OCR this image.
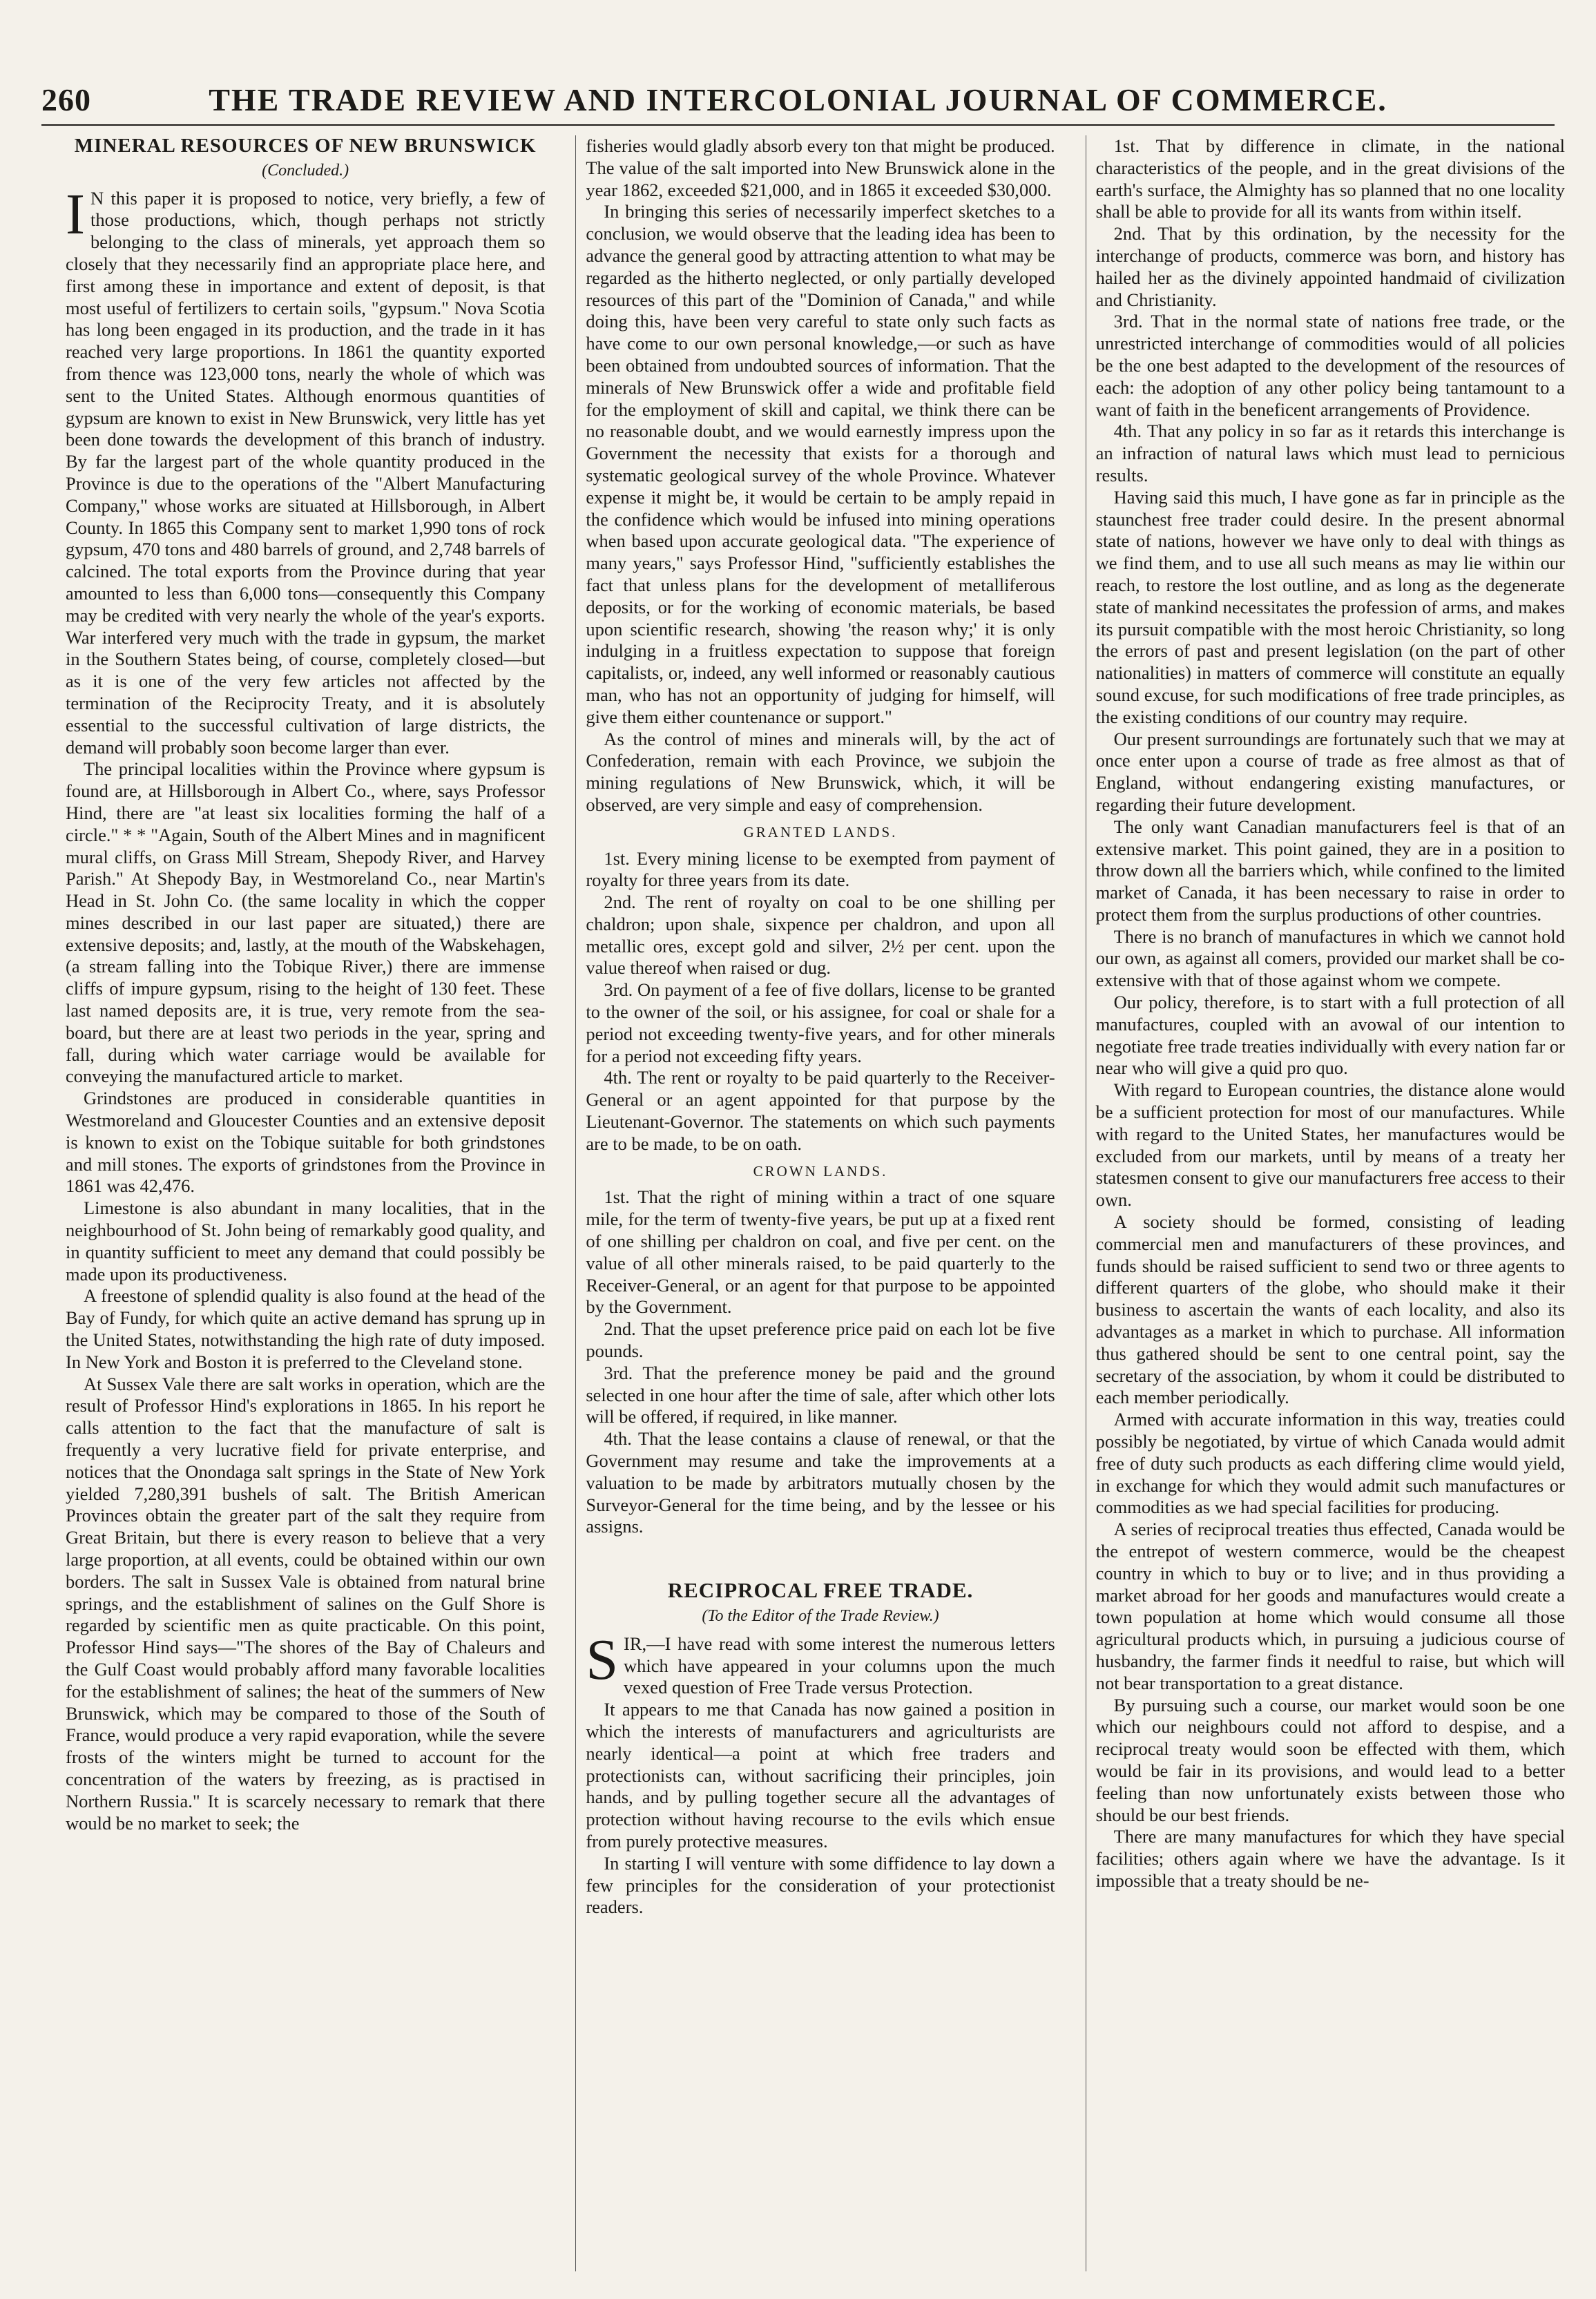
260	THE TRADE REVIEW AND INTERCOLONIAL JOURNAL OF COMMERCE.
MINERAL RESOURCES OF NEW BRUNSWICK
(Concluded.)

I N this paper it is proposed to notice, very briefly, a few of those productions, which, though perhaps not strictly belonging to the class of minerals, yet approach them so closely that they necessarily find an appropriate place here, and first among these in importance and extent of deposit, is that most useful of fertilizers to certain soils, "gypsum." Nova Scotia has long been engaged in its production, and the trade in it has reached very large proportions. In 1861 the quantity exported from thence was 123,000 tons, nearly the whole of which was sent to the United States. Although enormous quantities of gypsum are known to exist in New Brunswick, very little has yet been done towards the development of this branch of industry. By far the largest part of the whole quantity produced in the Province is due to the operations of the "Albert Manufacturing Company," whose works are situated at Hillsborough, in Albert County. In 1865 this Company sent to market 1,990 tons of rock gypsum, 470 tons and 480 barrels of ground, and 2,748 barrels of calcined. The total exports from the Province during that year amounted to less than 6,000 tons—consequently this Company may be credited with very nearly the whole of the year's exports. War interfered very much with the trade in gypsum, the market in the Southern States being, of course, completely closed—but as it is one of the very few articles not affected by the termination of the Reciprocity Treaty, and it is absolutely essential to the successful cultivation of large districts, the demand will probably soon become larger than ever.

The principal localities within the Province where gypsum is found are, at Hillsborough in Albert Co., where, says Professor Hind, there are "at least six localities forming the half of a circle." * * "Again, South of the Albert Mines and in magnificent mural cliffs, on Grass Mill Stream, Shepody River, and Harvey Parish." At Shepody Bay, in Westmoreland Co., near Martin's Head in St. John Co. (the same locality in which the copper mines described in our last paper are situated,) there are extensive deposits; and, lastly, at the mouth of the Wabskehagen, (a stream falling into the Tobique River,) there are immense cliffs of impure gypsum, rising to the height of 130 feet. These last named deposits are, it is true, very remote from the sea-board, but there are at least two periods in the year, spring and fall, during which water carriage would be available for conveying the manufactured article to market.

Grindstones are produced in considerable quantities in Westmoreland and Gloucester Counties and an extensive deposit is known to exist on the Tobique suitable for both grindstones and mill stones. The exports of grindstones from the Province in 1861 was 42,476.

Limestone is also abundant in many localities, that in the neighbourhood of St. John being of remarkably good quality, and in quantity sufficient to meet any demand that could possibly be made upon its productiveness.

A freestone of splendid quality is also found at the head of the Bay of Fundy, for which quite an active demand has sprung up in the United States, notwithstanding the high rate of duty imposed. In New York and Boston it is preferred to the Cleveland stone.

At Sussex Vale there are salt works in operation, which are the result of Professor Hind's explorations in 1865. In his report he calls attention to the fact that the manufacture of salt is frequently a very lucrative field for private enterprise, and notices that the Onondaga salt springs in the State of New York yielded 7,280,391 bushels of salt. The British American Provinces obtain the greater part of the salt they require from Great Britain, but there is every reason to believe that a very large proportion, at all events, could be obtained within our own borders. The salt in Sussex Vale is obtained from natural brine springs, and the establishment of salines on the Gulf Shore is regarded by scientific men as quite practicable. On this point, Professor Hind says—"The shores of the Bay of Chaleurs and the Gulf Coast would probably afford many favorable localities for the establishment of salines; the heat of the summers of New Brunswick, which may be compared to those of the South of France, would produce a very rapid evaporation, while the severe frosts of the winters might be turned to account for the concentration of the waters by freezing, as is practised in Northern Russia." It is scarcely necessary to remark that there would be no market to seek; the

fisheries would gladly absorb every ton that might be produced. The value of the salt imported into New Brunswick alone in the year 1862, exceeded $21,000, and in 1865 it exceeded $30,000.

In bringing this series of necessarily imperfect sketches to a conclusion, we would observe that the leading idea has been to advance the general good by attracting attention to what may be regarded as the hitherto neglected, or only partially developed resources of this part of the "Dominion of Canada," and while doing this, have been very careful to state only such facts as have come to our own personal knowledge,—or such as have been obtained from undoubted sources of information. That the minerals of New Brunswick offer a wide and profitable field for the employment of skill and capital, we think there can be no reasonable doubt, and we would earnestly impress upon the Government the necessity that exists for a thorough and systematic geological survey of the whole Province. Whatever expense it might be, it would be certain to be amply repaid in the confidence which would be infused into mining operations when based upon accurate geological data. "The experience of many years," says Professor Hind, "sufficiently establishes the fact that unless plans for the development of metalliferous deposits, or for the working of economic materials, be based upon scientific research, showing 'the reason why;' it is only indulging in a fruitless expectation to suppose that foreign capitalists, or, indeed, any well informed or reasonably cautious man, who has not an opportunity of judging for himself, will give them either countenance or support."

As the control of mines and minerals will, by the act of Confederation, remain with each Province, we subjoin the mining regulations of New Brunswick, which, it will be observed, are very simple and easy of comprehension.

GRANTED LANDS.

1st. Every mining license to be exempted from payment of royalty for three years from its date.

2nd. The rent of royalty on coal to be one shilling per chaldron; upon shale, sixpence per chaldron, and upon all metallic ores, except gold and silver, 2½ per cent. upon the value thereof when raised or dug.

3rd. On payment of a fee of five dollars, license to be granted to the owner of the soil, or his assignee, for coal or shale for a period not exceeding twenty-five years, and for other minerals for a period not exceeding fifty years.

4th. The rent or royalty to be paid quarterly to the Receiver-General or an agent appointed for that purpose by the Lieutenant-Governor. The statements on which such payments are to be made, to be on oath.

CROWN LANDS.

1st. That the right of mining within a tract of one square mile, for the term of twenty-five years, be put up at a fixed rent of one shilling per chaldron on coal, and five per cent. on the value of all other minerals raised, to be paid quarterly to the Receiver-General, or an agent for that purpose to be appointed by the Government.

2nd. That the upset preference price paid on each lot be five pounds.

3rd. That the preference money be paid and the ground selected in one hour after the time of sale, after which other lots will be offered, if required, in like manner.

4th. That the lease contains a clause of renewal, or that the Government may resume and take the improvements at a valuation to be made by arbitrators mutually chosen by the Surveyor-General for the time being, and by the lessee or his assigns.

RECIPROCAL FREE TRADE.
(To the Editor of the Trade Review.)

SIR,—I have read with some interest the numerous letters which have appeared in your columns upon the much vexed question of Free Trade versus Protection.

It appears to me that Canada has now gained a position in which the interests of manufacturers and agriculturists are nearly identical—a point at which free traders and protectionists can, without sacrificing their principles, join hands, and by pulling together secure all the advantages of protection without having recourse to the evils which ensue from purely protective measures.

In starting I will venture with some diffidence to lay down a few principles for the consideration of your protectionist readers.

1st. That by difference in climate, in the national characteristics of the people, and in the great divisions of the earth's surface, the Almighty has so planned that no one locality shall be able to provide for all its wants from within itself.

2nd. That by this ordination, by the necessity for the interchange of products, commerce was born, and history has hailed her as the divinely appointed handmaid of civilization and Christianity.

3rd. That in the normal state of nations free trade, or the unrestricted interchange of commodities would of all policies be the one best adapted to the development of the resources of each: the adoption of any other policy being tantamount to a want of faith in the beneficent arrangements of Providence.

4th. That any policy in so far as it retards this interchange is an infraction of natural laws which must lead to pernicious results.

Having said this much, I have gone as far in principle as the staunchest free trader could desire. In the present abnormal state of nations, however we have only to deal with things as we find them, and to use all such means as may lie within our reach, to restore the lost outline, and as long as the degenerate state of mankind necessitates the profession of arms, and makes its pursuit compatible with the most heroic Christianity, so long the errors of past and present legislation (on the part of other nationalities) in matters of commerce will constitute an equally sound excuse, for such modifications of free trade principles, as the existing conditions of our country may require.

Our present surroundings are fortunately such that we may at once enter upon a course of trade as free almost as that of England, without endangering existing manufactures, or regarding their future development.

The only want Canadian manufacturers feel is that of an extensive market. This point gained, they are in a position to throw down all the barriers which, while confined to the limited market of Canada, it has been necessary to raise in order to protect them from the surplus productions of other countries.

There is no branch of manufactures in which we cannot hold our own, as against all comers, provided our market shall be co-extensive with that of those against whom we compete.

Our policy, therefore, is to start with a full protection of all manufactures, coupled with an avowal of our intention to negotiate free trade treaties individually with every nation far or near who will give a quid pro quo.

With regard to European countries, the distance alone would be a sufficient protection for most of our manufactures. While with regard to the United States, her manufactures would be excluded from our markets, until by means of a treaty her statesmen consent to give our manufacturers free access to their own.

A society should be formed, consisting of leading commercial men and manufacturers of these provinces, and funds should be raised sufficient to send two or three agents to different quarters of the globe, who should make it their business to ascertain the wants of each locality, and also its advantages as a market in which to purchase. All information thus gathered should be sent to one central point, say the secretary of the association, by whom it could be distributed to each member periodically.

Armed with accurate information in this way, treaties could possibly be negotiated, by virtue of which Canada would admit free of duty such products as each differing clime would yield, in exchange for which they would admit such manufactures or commodities as we had special facilities for producing.

A series of reciprocal treaties thus effected, Canada would be the entrepot of western commerce, would be the cheapest country in which to buy or to live; and in thus providing a market abroad for her goods and manufactures would create a town population at home which would consume all those agricultural products which, in pursuing a judicious course of husbandry, the farmer finds it needful to raise, but which will not bear transportation to a great distance.

By pursuing such a course, our market would soon be one which our neighbours could not afford to despise, and a reciprocal treaty would soon be effected with them, which would be fair in its provisions, and would lead to a better feeling than now unfortunately exists between those who should be our best friends.

There are many manufactures for which they have special facilities; others again where we have the advantage. Is it impossible that a treaty should be ne-
